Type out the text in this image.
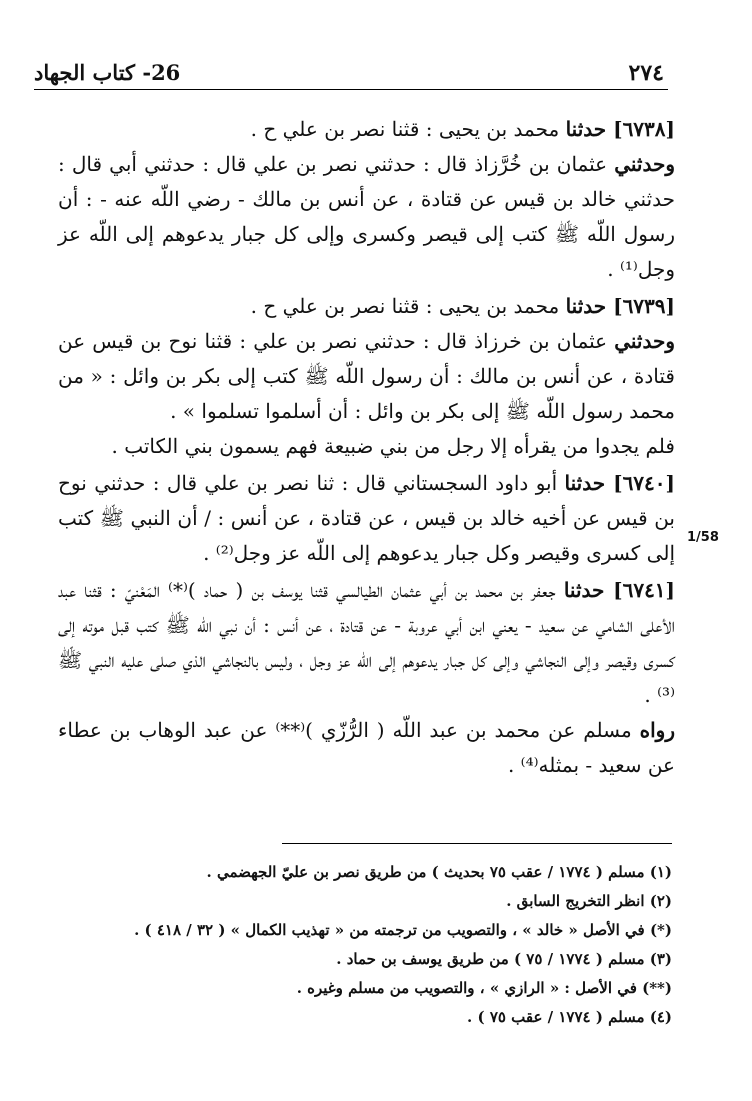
26- كتاب الجهاد	٢٧٤
1/58

[٦٧٣٨] حدثنا محمد بن يحيى : قثنا نصر بن علي ح .

وحدثني عثمان بن خُرَّزاذ قال : حدثني نصر بن علي قال : حدثني أبي قال : حدثني خالد بن قيس عن قتادة ، عن أنس بن مالك - رضي اللّه عنه - : أن رسول اللّه ﷺ كتب إلى قيصر وكسرى وإلى كل جبار يدعوهم إلى اللّه عز وجل⁽¹⁾ .

[٦٧٣٩] حدثنا محمد بن يحيى : قثنا نصر بن علي ح .

وحدثني عثمان بن خرزاذ قال : حدثني نصر بن علي : قثنا نوح بن قيس عن قتادة ، عن أنس بن مالك : أن رسول اللّه ﷺ كتب إلى بكر بن وائل : « من محمد رسول اللّه ﷺ إلى بكر بن وائل : أن أسلموا تسلموا » .

فلم يجدوا من يقرأه إلا رجل من بني ضبيعة فهم يسمون بني الكاتب .

[٦٧٤٠] حدثنا أبو داود السجستاني قال : ثنا نصر بن علي قال : حدثني نوح بن قيس عن أخيه خالد بن قيس ، عن قتادة ، عن أنس : / أن النبي ﷺ كتب إلى كسرى وقيصر وكل جبار يدعوهم إلى اللّه عز وجل⁽²⁾ .

[٦٧٤١] حدثنا جعفر بن محمد بن أبي عثمان الطيالسي قثنا يوسف بن ( حماد )⁽*⁾ المَعْنيّ : قثنا عبد الأعلى الشامي عن سعيد - يعني ابن أبي عروبة - عن قتادة ، عن أنس : أن نبي اللّه ﷺ كتب قبل موته إلى كسرى وقيصر وإلى النجاشي وإلى كل جبار يدعوهم إلى اللّه عز وجل ، وليس بالنجاشي الذي صلى عليه النبي ﷺ ⁽³⁾ .

رواه مسلم عن محمد بن عبد اللّه ( الرُّزّي )⁽**⁾ عن عبد الوهاب بن عطاء عن سعيد - بمثله⁽⁴⁾ .

(١) مسلم ( ١٧٧٤ / عقب ٧٥ بحديث ) من طريق نصر بن عليّ الجهضمي .
(٢) انظر التخريج السابق .
(*) في الأصل « خالد » ، والتصويب من ترجمته من « تهذيب الكمال » ( ٣٢ / ٤١٨ ) .
(٣) مسلم ( ١٧٧٤ / ٧٥ ) من طريق يوسف بن حماد .
(**) في الأصل : « الرازي » ، والتصويب من مسلم وغيره .
(٤) مسلم ( ١٧٧٤ / عقب ٧٥ ) .
